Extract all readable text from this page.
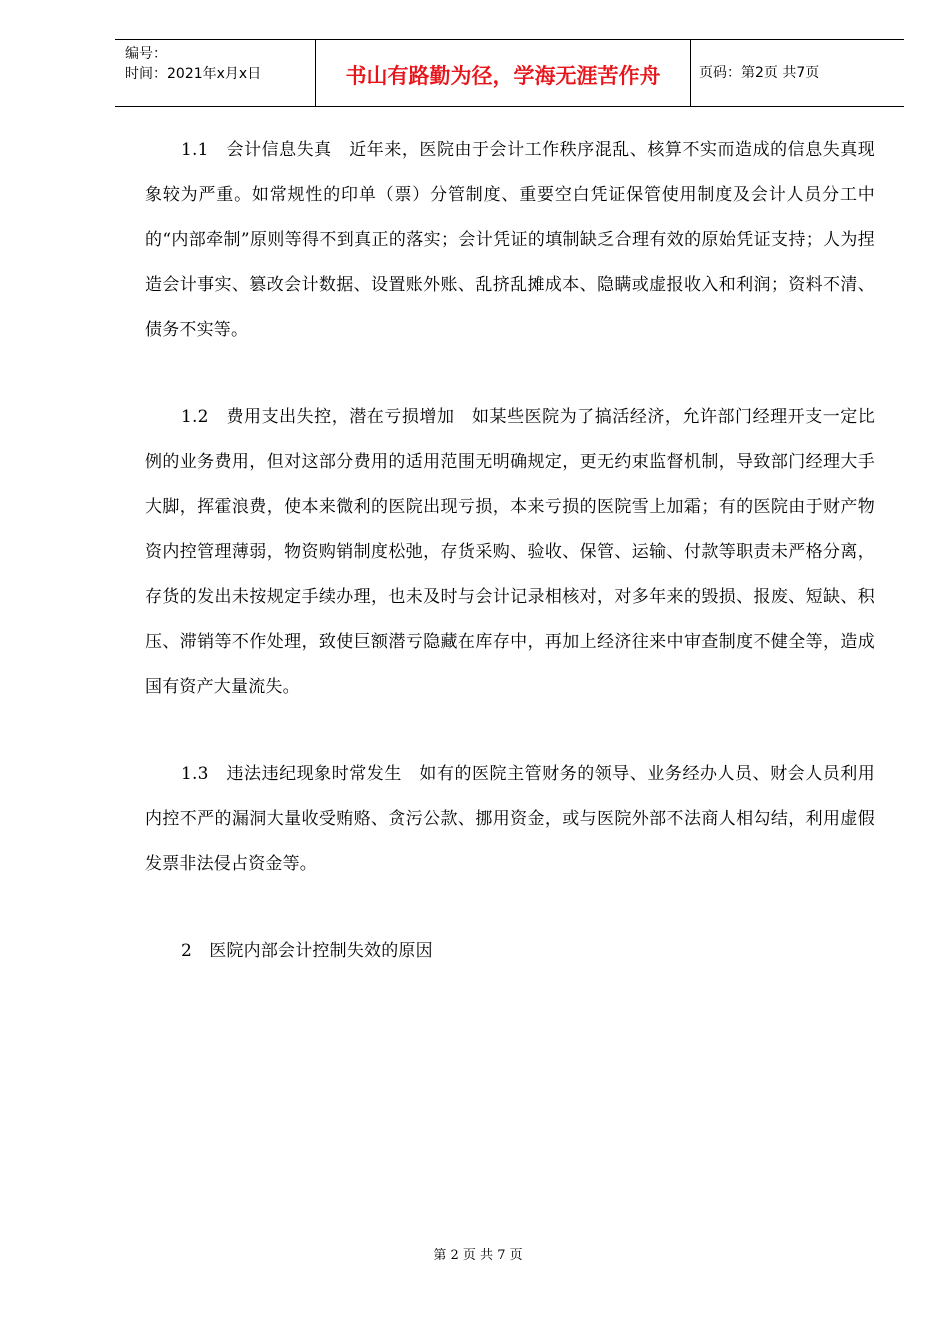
编号：
时间：2021年x月x日	书山有路勤为径，学海无涯苦作舟	页码：第2页 共7页

1.1　会计信息失真　近年来，医院由于会计工作秩序混乱、核算不实而造成的信息失真现象较为严重。如常规性的印单（票）分管制度、重要空白凭证保管使用制度及会计人员分工中的“内部牵制”原则等得不到真正的落实；会计凭证的填制缺乏合理有效的原始凭证支持；人为捏造会计事实、篡改会计数据、设置账外账、乱挤乱摊成本、隐瞒或虚报收入和利润；资料不清、债务不实等。

1.2　费用支出失控，潜在亏损增加　如某些医院为了搞活经济，允许部门经理开支一定比例的业务费用，但对这部分费用的适用范围无明确规定，更无约束监督机制，导致部门经理大手大脚，挥霍浪费，使本来微利的医院出现亏损，本来亏损的医院雪上加霜；有的医院由于财产物资内控管理薄弱，物资购销制度松弛，存货采购、验收、保管、运输、付款等职责未严格分离，存货的发出未按规定手续办理，也未及时与会计记录相核对，对多年来的毁损、报废、短缺、积压、滞销等不作处理，致使巨额潜亏隐藏在库存中，再加上经济往来中审查制度不健全等，造成国有资产大量流失。

1.3　违法违纪现象时常发生　如有的医院主管财务的领导、业务经办人员、财会人员利用内控不严的漏洞大量收受贿赂、贪污公款、挪用资金，或与医院外部不法商人相勾结，利用虚假发票非法侵占资金等。

2　医院内部会计控制失效的原因

第 2 页 共 7 页
